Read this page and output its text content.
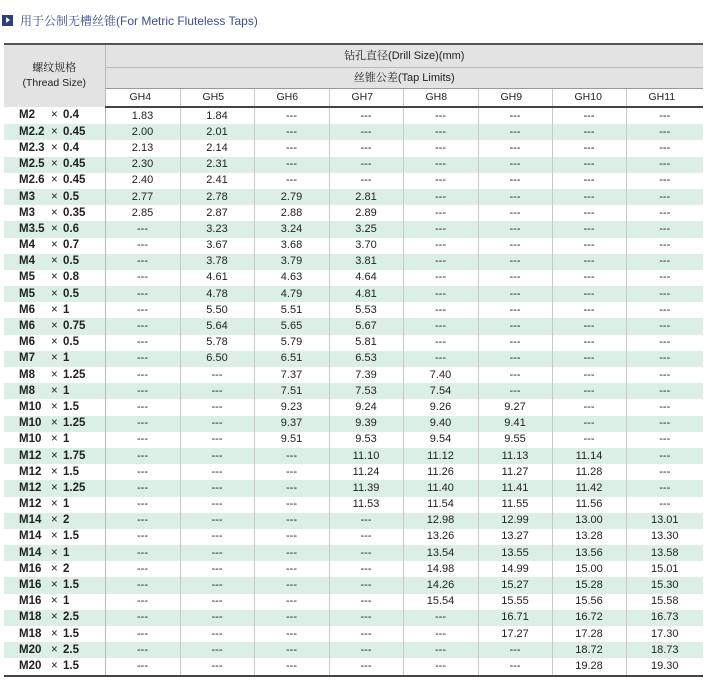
用于公制无槽丝锥(For Metric Fluteless Taps)
螺纹规格
(Thread Size)	钻孔直径(Drill Size)(mm)							
	丝锥公差(Tap Limits)							
	GH4	GH5	GH6	GH7	GH8	GH9	GH10	GH11
M2 × 0.4	1.83	1.84	---	---	---	---	---	---
M2.2 × 0.45	2.00	2.01	---	---	---	---	---	---
M2.3 × 0.4	2.13	2.14	---	---	---	---	---	---
M2.5 × 0.45	2.30	2.31	---	---	---	---	---	---
M2.6 × 0.45	2.40	2.41	---	---	---	---	---	---
M3 × 0.5	2.77	2.78	2.79	2.81	---	---	---	---
M3 × 0.35	2.85	2.87	2.88	2.89	---	---	---	---
M3.5 × 0.6	---	3.23	3.24	3.25	---	---	---	---
M4 × 0.7	---	3.67	3.68	3.70	---	---	---	---
M4 × 0.5	---	3.78	3.79	3.81	---	---	---	---
M5 × 0.8	---	4.61	4.63	4.64	---	---	---	---
M5 × 0.5	---	4.78	4.79	4.81	---	---	---	---
M6 × 1	---	5.50	5.51	5.53	---	---	---	---
M6 × 0.75	---	5.64	5.65	5.67	---	---	---	---
M6 × 0.5	---	5.78	5.79	5.81	---	---	---	---
M7 × 1	---	6.50	6.51	6.53	---	---	---	---
M8 × 1.25	---	---	7.37	7.39	7.40	---	---	---
M8 × 1	---	---	7.51	7.53	7.54	---	---	---
M10 × 1.5	---	---	9.23	9.24	9.26	9.27	---	---
M10 × 1.25	---	---	9.37	9.39	9.40	9.41	---	---
M10 × 1	---	---	9.51	9.53	9.54	9.55	---	---
M12 × 1.75	---	---	---	11.10	11.12	11.13	11.14	---
M12 × 1.5	---	---	---	11.24	11.26	11.27	11.28	---
M12 × 1.25	---	---	---	11.39	11.40	11.41	11.42	---
M12 × 1	---	---	---	11.53	11.54	11.55	11.56	---
M14 × 2	---	---	---	---	12.98	12.99	13.00	13.01
M14 × 1.5	---	---	---	---	13.26	13.27	13.28	13.30
M14 × 1	---	---	---	---	13.54	13.55	13.56	13.58
M16 × 2	---	---	---	---	14.98	14.99	15.00	15.01
M16 × 1.5	---	---	---	---	14.26	15.27	15.28	15.30
M16 × 1	---	---	---	---	15.54	15.55	15.56	15.58
M18 × 2.5	---	---	---	---	---	16.71	16.72	16.73
M18 × 1.5	---	---	---	---	---	17.27	17.28	17.30
M20 × 2.5	---	---	---	---	---	---	18.72	18.73
M20 × 1.5	---	---	---	---	---	---	19.28	19.30
